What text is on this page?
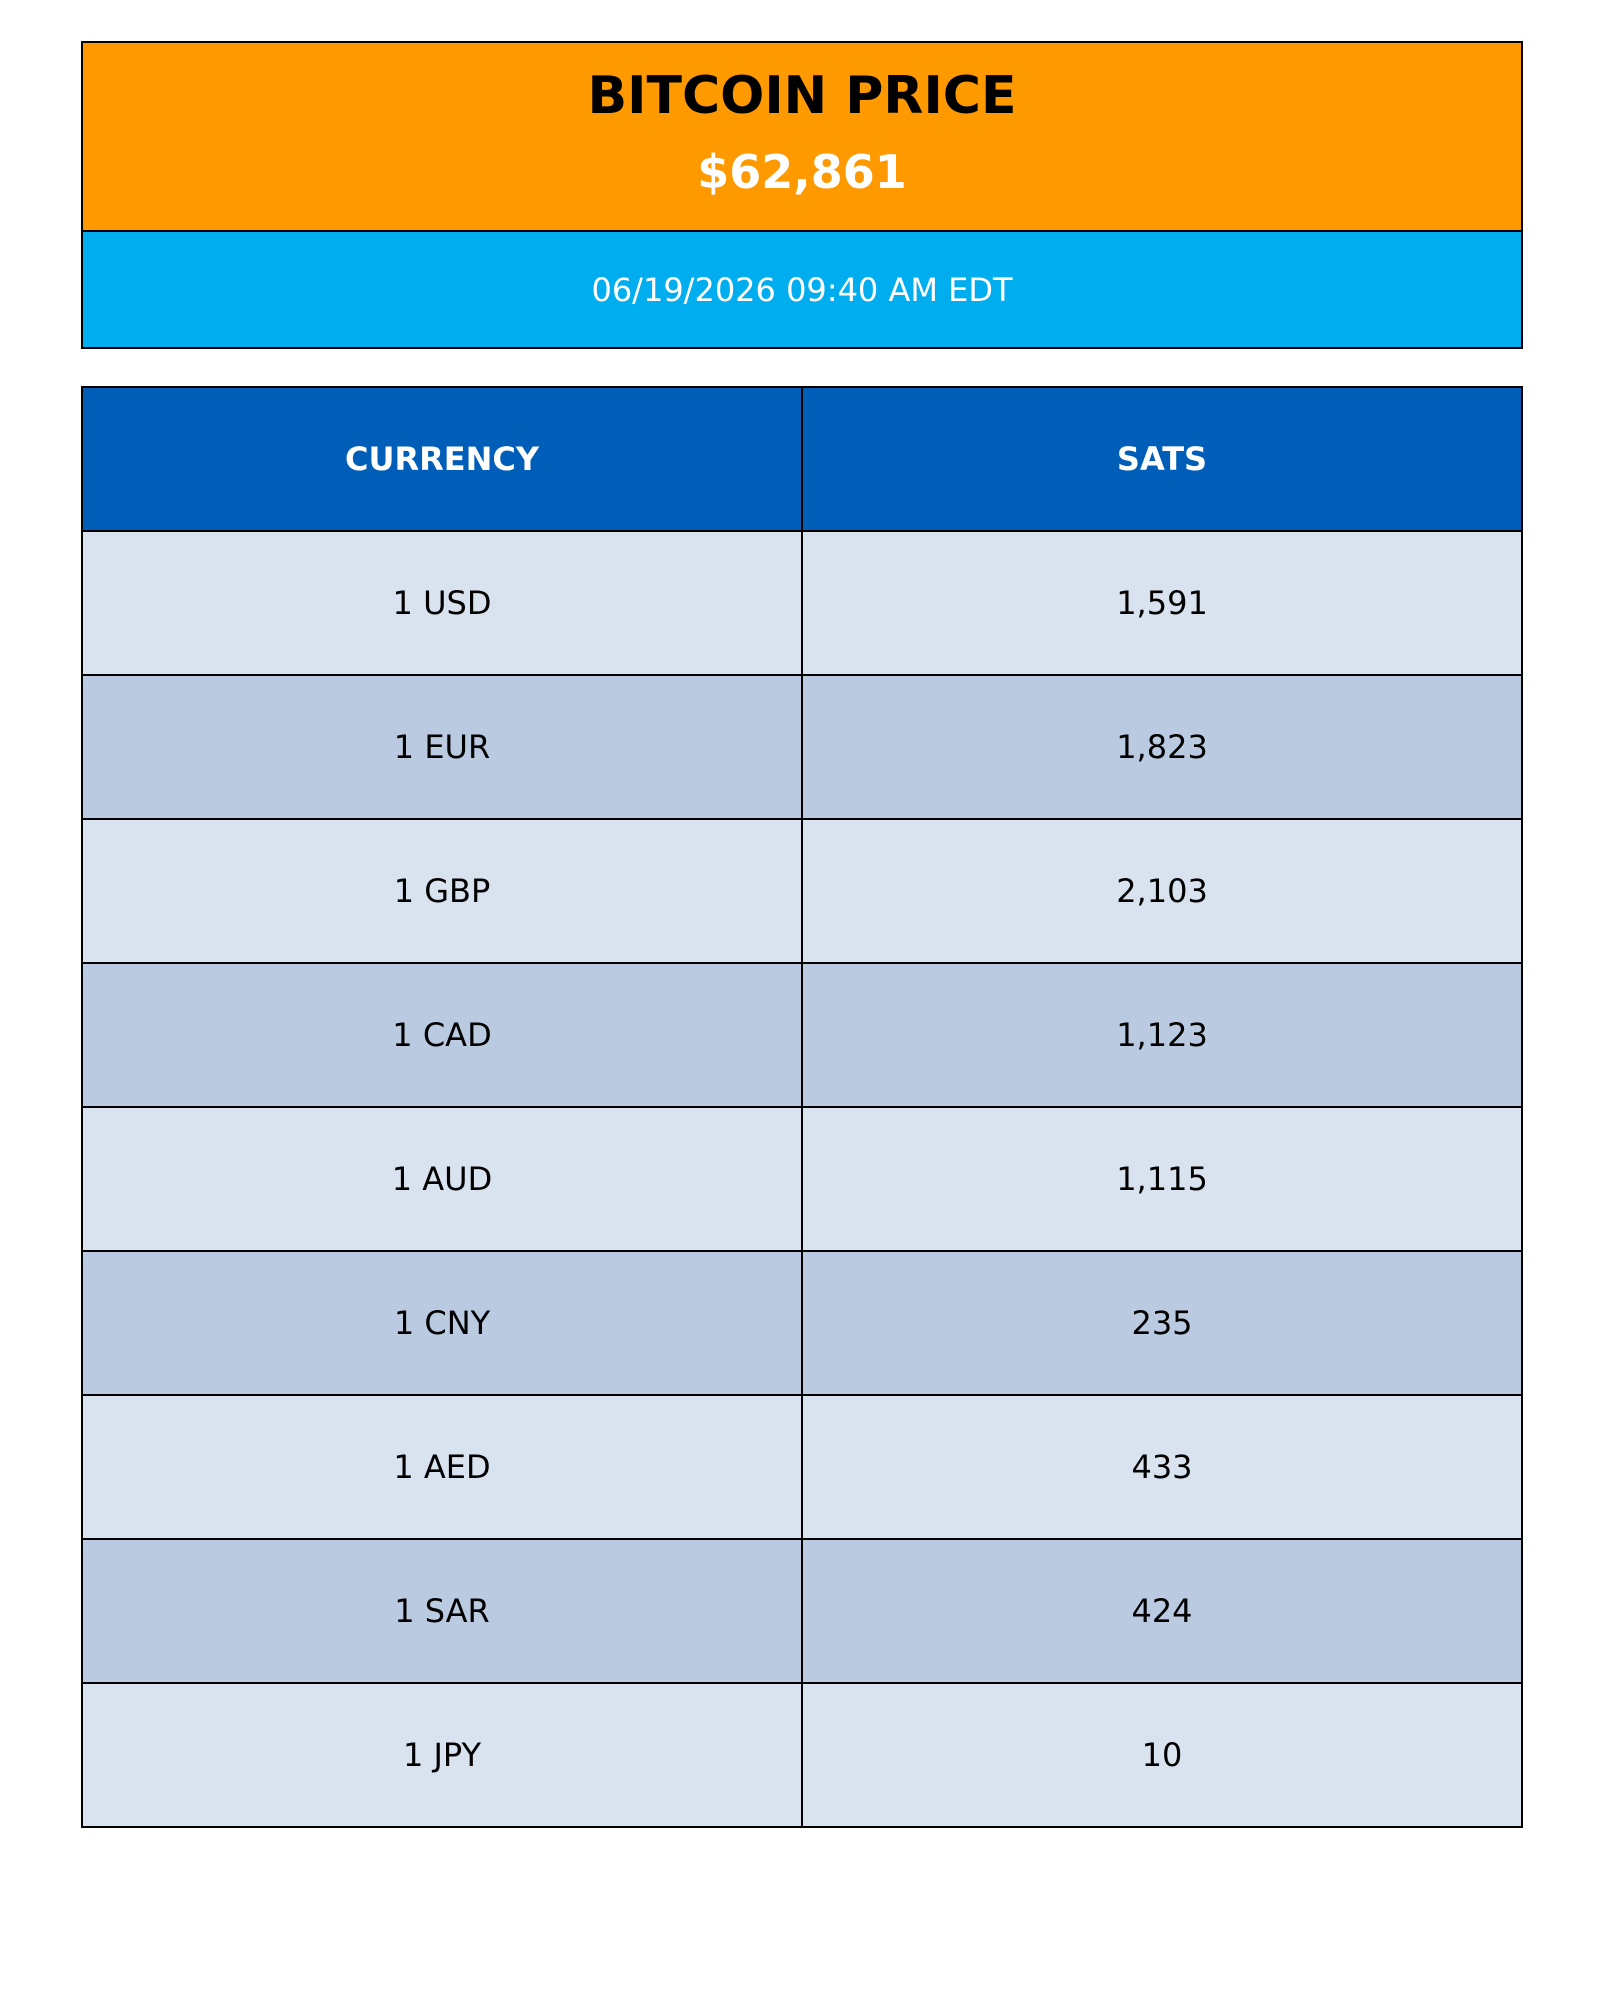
BITCOIN PRICE
$62,861
06/19/2026 09:40 AM EDT
CURRENCY	SATS
1 USD	1,591
1 EUR	1,823
1 GBP	2,103
1 CAD	1,123
1 AUD	1,115
1 CNY	235
1 AED	433
1 SAR	424
1 JPY	10
